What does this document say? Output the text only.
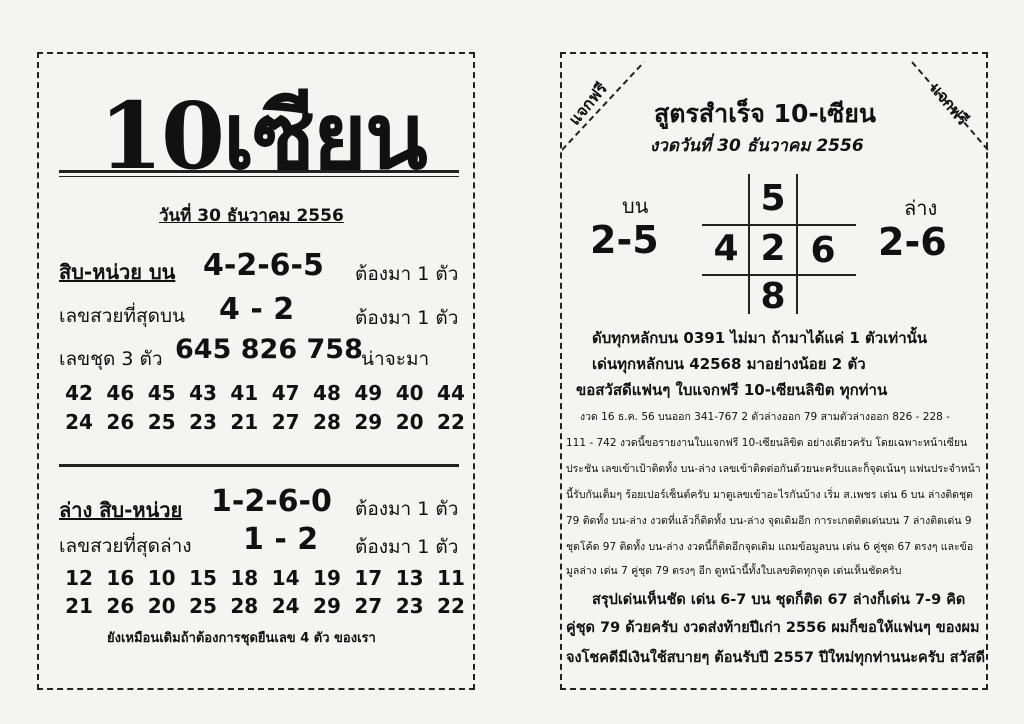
10เซียน
วันที่ 30 ธันวาคม 2556
สิบ-หน่วย บน 4-2-6-5 ต้องมา 1 ตัว
เลขสวยที่สุดบน 4 - 2	ต้องมา 1 ตัว
เลขชุด 3 ตัว 645 826 758
น่าจะมา
42 46 45 43 41 47 48 49 40 44
24 26 25 23 21 27 28 29 20 22
ล่าง สิบ-หน่วย 1-2-6-0 ต้องมา 1 ตัว
เลขสวยที่สุดล่าง 1 - 2 ต้องมา 1 ตัว
12 16 10 15 18 14 19 17 13 11
21 26 20 25 28 24 29 27 23 22
ยังเหมือนเดิมถ้าต้องการชุดยืนเลข 4 ตัว ของเรา
แจกฟรี	แจกฟรี
สูตรสำเร็จ 10-เซียน
งวดวันที่ 30 ธันวาคม 2556
บน
2-5
ล่าง
2-6
5
4 2 6
8
ดับทุกหลักบน 0391 ไม่มา ถ้ามาได้แค่ 1 ตัวเท่านั้น
เด่นทุกหลักบน 42568 มาอย่างน้อย 2 ตัว
ขอสวัสดีแฟนๆ ใบแจกฟรี 10-เซียนลิขิต ทุกท่าน
งวด 16 ธ.ค. 56 บนออก 341-767 2 ตัวล่างออก 79 สามตัวล่างออก 826 - 228 -
111 - 742 งวดนี้ขอรายงานใบแจกฟรี 10-เซียนลิขิต อย่างเดียวครับ โดยเฉพาะหน้าเซียน
ประชัน เลขเข้าเป้าติดทั้ง บน-ล่าง เลขเข้าติดต่อกันด้วยนะครับและก็จุดเน้นๆ แฟนประจำหน้า
นี้รับกันเต็มๆ ร้อยเปอร์เซ็นต์ครับ มาดูเลขเข้าอะไรกันบ้าง เริ่ม ส.เพชร เด่น 6 บน ล่างติดชุด
79 ติดทั้ง บน-ล่าง งวดที่แล้วก็ติดทั้ง บน-ล่าง จุดเดิมอีก การะเกดติดเด่นบน 7 ล่างติดเด่น 9
ชุดโค้ด 97 ติดทั้ง บน-ล่าง งวดนี้ก็ติดอีกจุดเดิม แถมข้อมูลบน เด่น 6 คู่ชุด 67 ตรงๆ และข้อ
มูลล่าง เด่น 7 คู่ชุด 79 ตรงๆ อีก ดูหน้านี้ทั้งใบเลขติดทุกจุด เด่นเห็นชัดครับ
สรุปเด่นเห็นชัด เด่น 6-7 บน ชุดก็ติด 67 ล่างก็เด่น 7-9 คิด
คู่ชุด 79 ด้วยครับ งวดส่งท้ายปีเก่า 2556 ผมก็ขอให้แฟนๆ ของผม
จงโชคดีมีเงินใช้สบายๆ ต้อนรับปี 2557 ปีใหม่ทุกท่านนะครับ สวัสดี
